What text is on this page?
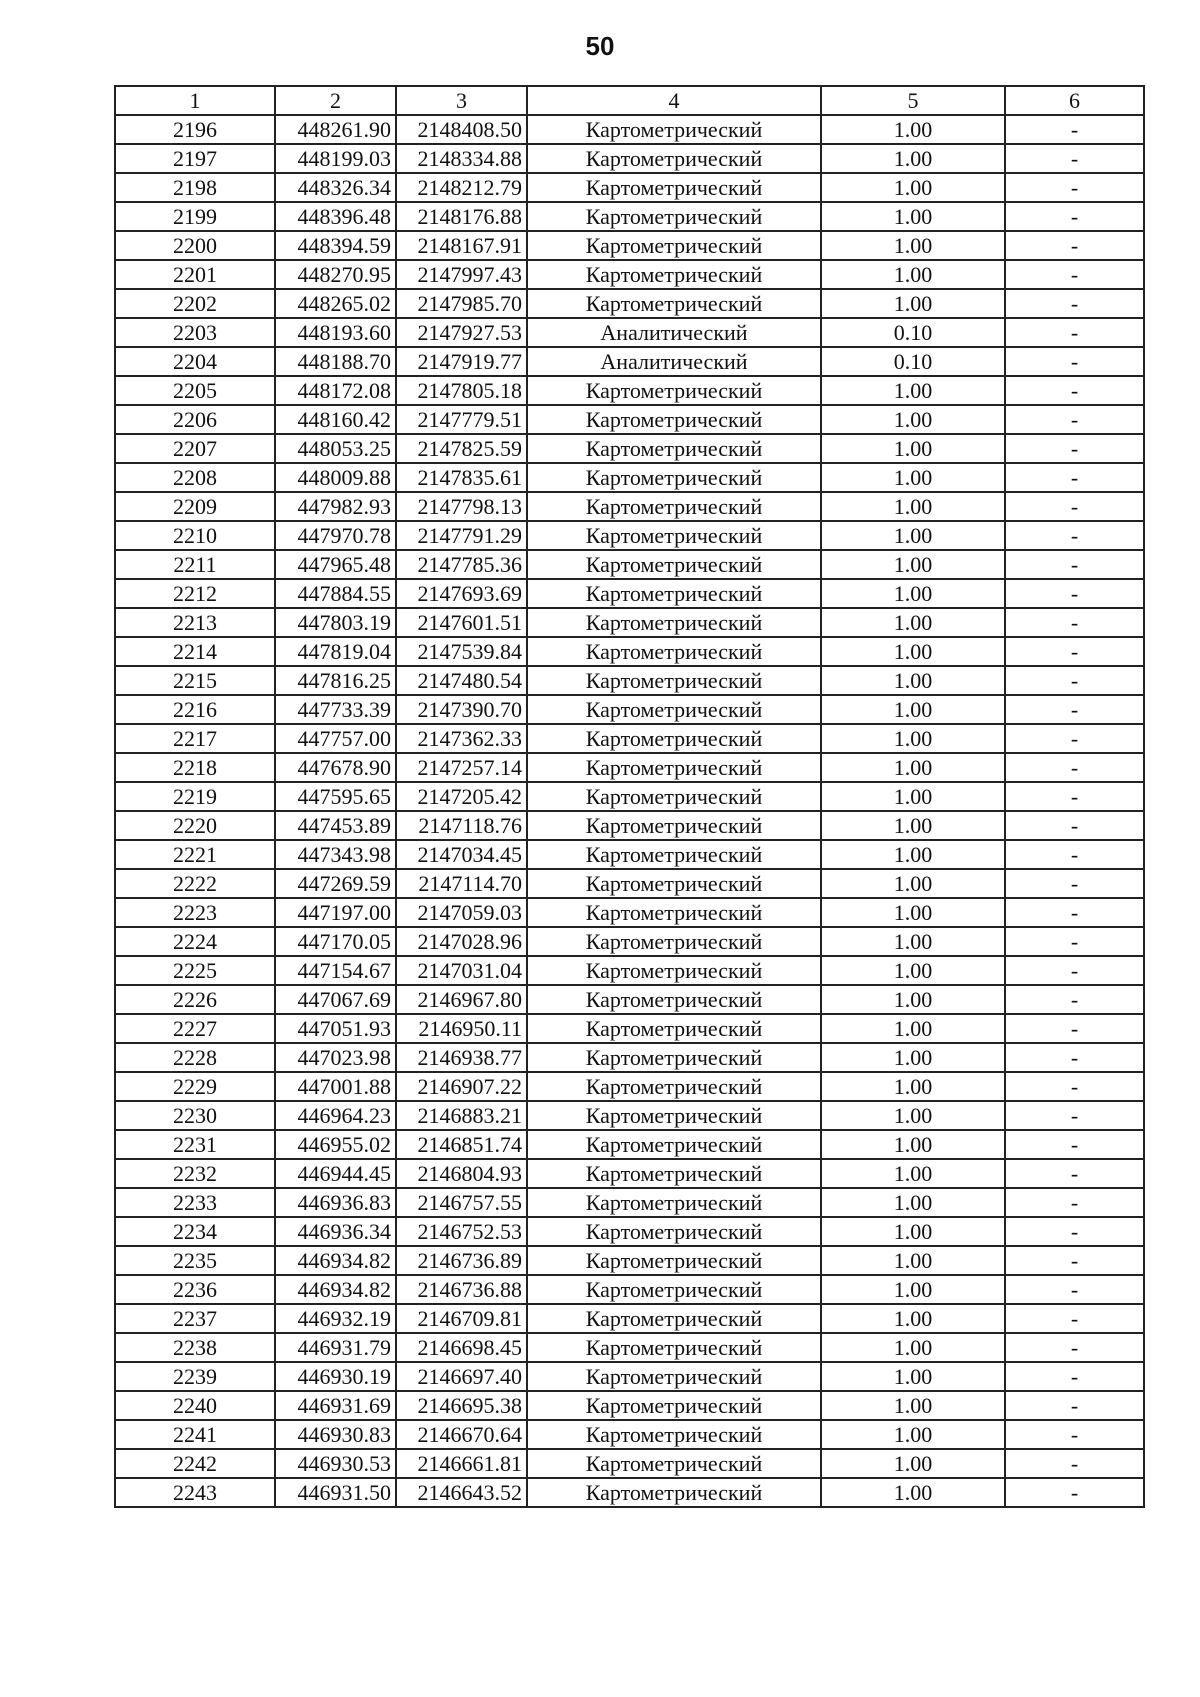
50
1	2	3	4	5	6
2196	448261.90	2148408.50	Картометрический	1.00	-
2197	448199.03	2148334.88	Картометрический	1.00	-
2198	448326.34	2148212.79	Картометрический	1.00	-
2199	448396.48	2148176.88	Картометрический	1.00	-
2200	448394.59	2148167.91	Картометрический	1.00	-
2201	448270.95	2147997.43	Картометрический	1.00	-
2202	448265.02	2147985.70	Картометрический	1.00	-
2203	448193.60	2147927.53	Аналитический	0.10	-
2204	448188.70	2147919.77	Аналитический	0.10	-
2205	448172.08	2147805.18	Картометрический	1.00	-
2206	448160.42	2147779.51	Картометрический	1.00	-
2207	448053.25	2147825.59	Картометрический	1.00	-
2208	448009.88	2147835.61	Картометрический	1.00	-
2209	447982.93	2147798.13	Картометрический	1.00	-
2210	447970.78	2147791.29	Картометрический	1.00	-
2211	447965.48	2147785.36	Картометрический	1.00	-
2212	447884.55	2147693.69	Картометрический	1.00	-
2213	447803.19	2147601.51	Картометрический	1.00	-
2214	447819.04	2147539.84	Картометрический	1.00	-
2215	447816.25	2147480.54	Картометрический	1.00	-
2216	447733.39	2147390.70	Картометрический	1.00	-
2217	447757.00	2147362.33	Картометрический	1.00	-
2218	447678.90	2147257.14	Картометрический	1.00	-
2219	447595.65	2147205.42	Картометрический	1.00	-
2220	447453.89	2147118.76	Картометрический	1.00	-
2221	447343.98	2147034.45	Картометрический	1.00	-
2222	447269.59	2147114.70	Картометрический	1.00	-
2223	447197.00	2147059.03	Картометрический	1.00	-
2224	447170.05	2147028.96	Картометрический	1.00	-
2225	447154.67	2147031.04	Картометрический	1.00	-
2226	447067.69	2146967.80	Картометрический	1.00	-
2227	447051.93	2146950.11	Картометрический	1.00	-
2228	447023.98	2146938.77	Картометрический	1.00	-
2229	447001.88	2146907.22	Картометрический	1.00	-
2230	446964.23	2146883.21	Картометрический	1.00	-
2231	446955.02	2146851.74	Картометрический	1.00	-
2232	446944.45	2146804.93	Картометрический	1.00	-
2233	446936.83	2146757.55	Картометрический	1.00	-
2234	446936.34	2146752.53	Картометрический	1.00	-
2235	446934.82	2146736.89	Картометрический	1.00	-
2236	446934.82	2146736.88	Картометрический	1.00	-
2237	446932.19	2146709.81	Картометрический	1.00	-
2238	446931.79	2146698.45	Картометрический	1.00	-
2239	446930.19	2146697.40	Картометрический	1.00	-
2240	446931.69	2146695.38	Картометрический	1.00	-
2241	446930.83	2146670.64	Картометрический	1.00	-
2242	446930.53	2146661.81	Картометрический	1.00	-
2243	446931.50	2146643.52	Картометрический	1.00	-
